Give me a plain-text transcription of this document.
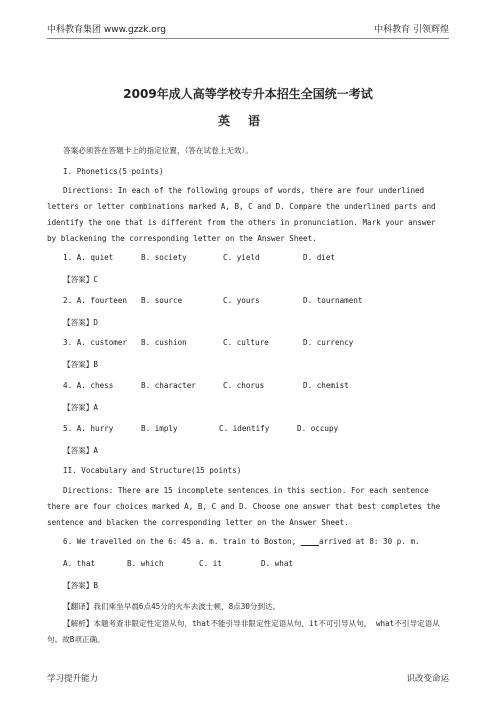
中科教育集团 www.gzzk.org	中科教育 引领辉煌
2009年成人高等学校专升本招生全国统一考试
英语
答案必须答在答题卡上的指定位置，（答在试卷上无效）。
I. Phonetics(5 points)
Directions: In each of the following groups of words, there are four underlined letters or letter combinations marked A, B, C and D. Compare the underlined parts and identify the one that is different from the others in pronunciation. Mark your answer by blackening the corresponding letter on the Answer Sheet.
1. A. quiet	B. society	C. yield	D. diet
【答案】C
2. A. fourteen B. source	C. yours	D. tournament
【答案】D
3. A. customer B. cushion	C. culture	D. currency
【答案】B
4. A. chess	B. character	C. chorus	D. chemist
【答案】A
5. A. hurry	B. imply	C. identify	D. occupy
【答案】A
II. Vocabulary and Structure(15 points)
Directions: There are 15 incomplete sentences in this section. For each sentence there are four choices marked A, B, C and D. Choose one answer that best completes the sentence and blacken the corresponding letter on the Answer Sheet.
6. We travelled on the 6: 45 a. m. train to Boston, ____arrived at 8: 30 p. m.
A. that	B. which	C. it	D. what
【答案】B
【翻译】我们乘坐早晨6点45分的火车去波士顿，8点30分到达。
【解析】本题考查非限定性定语从句，that不能引导非限定性定语从句，it不可引导从句， what不引导定语从句。故B项正确。
学习提升能力	识改变命运
